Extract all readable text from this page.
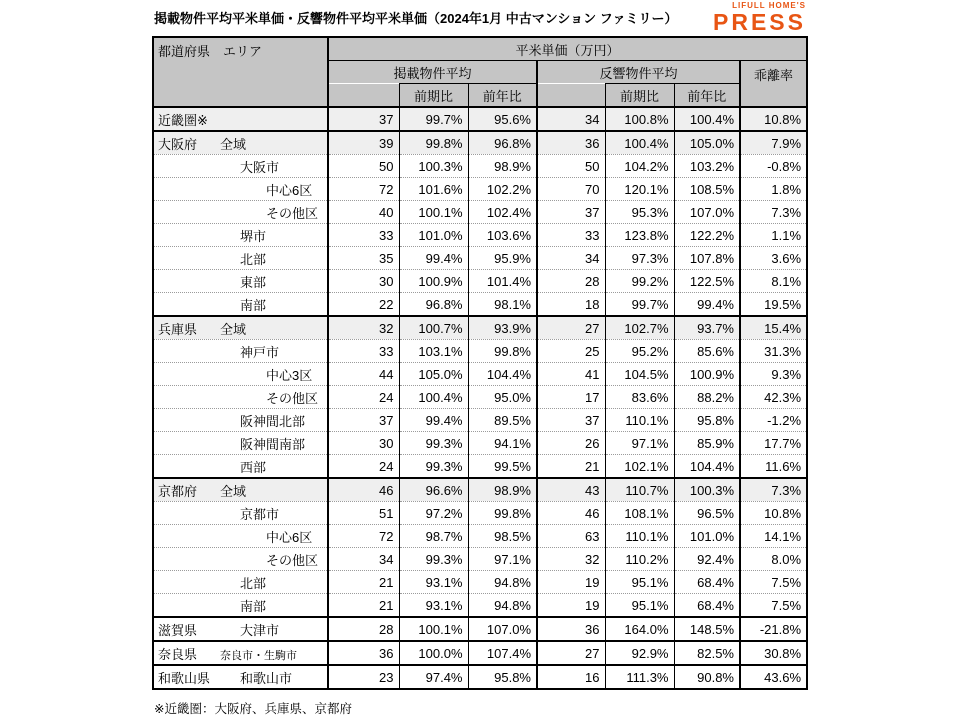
掲載物件平均平米単価・反響物件平均平米単価（2024年1月 中古マンション ファミリー）
LIFULL HOME'S
PRESS
都道府県　エリア	平米単価（万円）						
	掲載物件平均			反響物件平均			乖離率
		前期比	前年比		前期比	前年比	
近畿圏※	37	99.7%	95.6%	34	100.8%	100.4%	10.8%
大阪府 全域	39	99.8%	96.8%	36	100.4%	105.0%	7.9%
大阪市	50	100.3%	98.9%	50	104.2%	103.2%	-0.8%
中心6区	72	101.6%	102.2%	70	120.1%	108.5%	1.8%
その他区	40	100.1%	102.4%	37	95.3%	107.0%	7.3%
堺市	33	101.0%	103.6%	33	123.8%	122.2%	1.1%
北部	35	99.4%	95.9%	34	97.3%	107.8%	3.6%
東部	30	100.9%	101.4%	28	99.2%	122.5%	8.1%
南部	22	96.8%	98.1%	18	99.7%	99.4%	19.5%
兵庫県 全域	32	100.7%	93.9%	27	102.7%	93.7%	15.4%
神戸市	33	103.1%	99.8%	25	95.2%	85.6%	31.3%
中心3区	44	105.0%	104.4%	41	104.5%	100.9%	9.3%
その他区	24	100.4%	95.0%	17	83.6%	88.2%	42.3%
阪神間北部	37	99.4%	89.5%	37	110.1%	95.8%	-1.2%
阪神間南部	30	99.3%	94.1%	26	97.1%	85.9%	17.7%
西部	24	99.3%	99.5%	21	102.1%	104.4%	11.6%
京都府 全域	46	96.6%	98.9%	43	110.7%	100.3%	7.3%
京都市	51	97.2%	99.8%	46	108.1%	96.5%	10.8%
中心6区	72	98.7%	98.5%	63	110.1%	101.0%	14.1%
その他区	34	99.3%	97.1%	32	110.2%	92.4%	8.0%
北部	21	93.1%	94.8%	19	95.1%	68.4%	7.5%
南部	21	93.1%	94.8%	19	95.1%	68.4%	7.5%
滋賀県 大津市	28	100.1%	107.0%	36	164.0%	148.5%	-21.8%
奈良県 奈良市・生駒市	36	100.0%	107.4%	27	92.9%	82.5%	30.8%
和歌山県 和歌山市	23	97.4%	95.8%	16	111.3%	90.8%	43.6%
※近畿圏：大阪府、兵庫県、京都府
